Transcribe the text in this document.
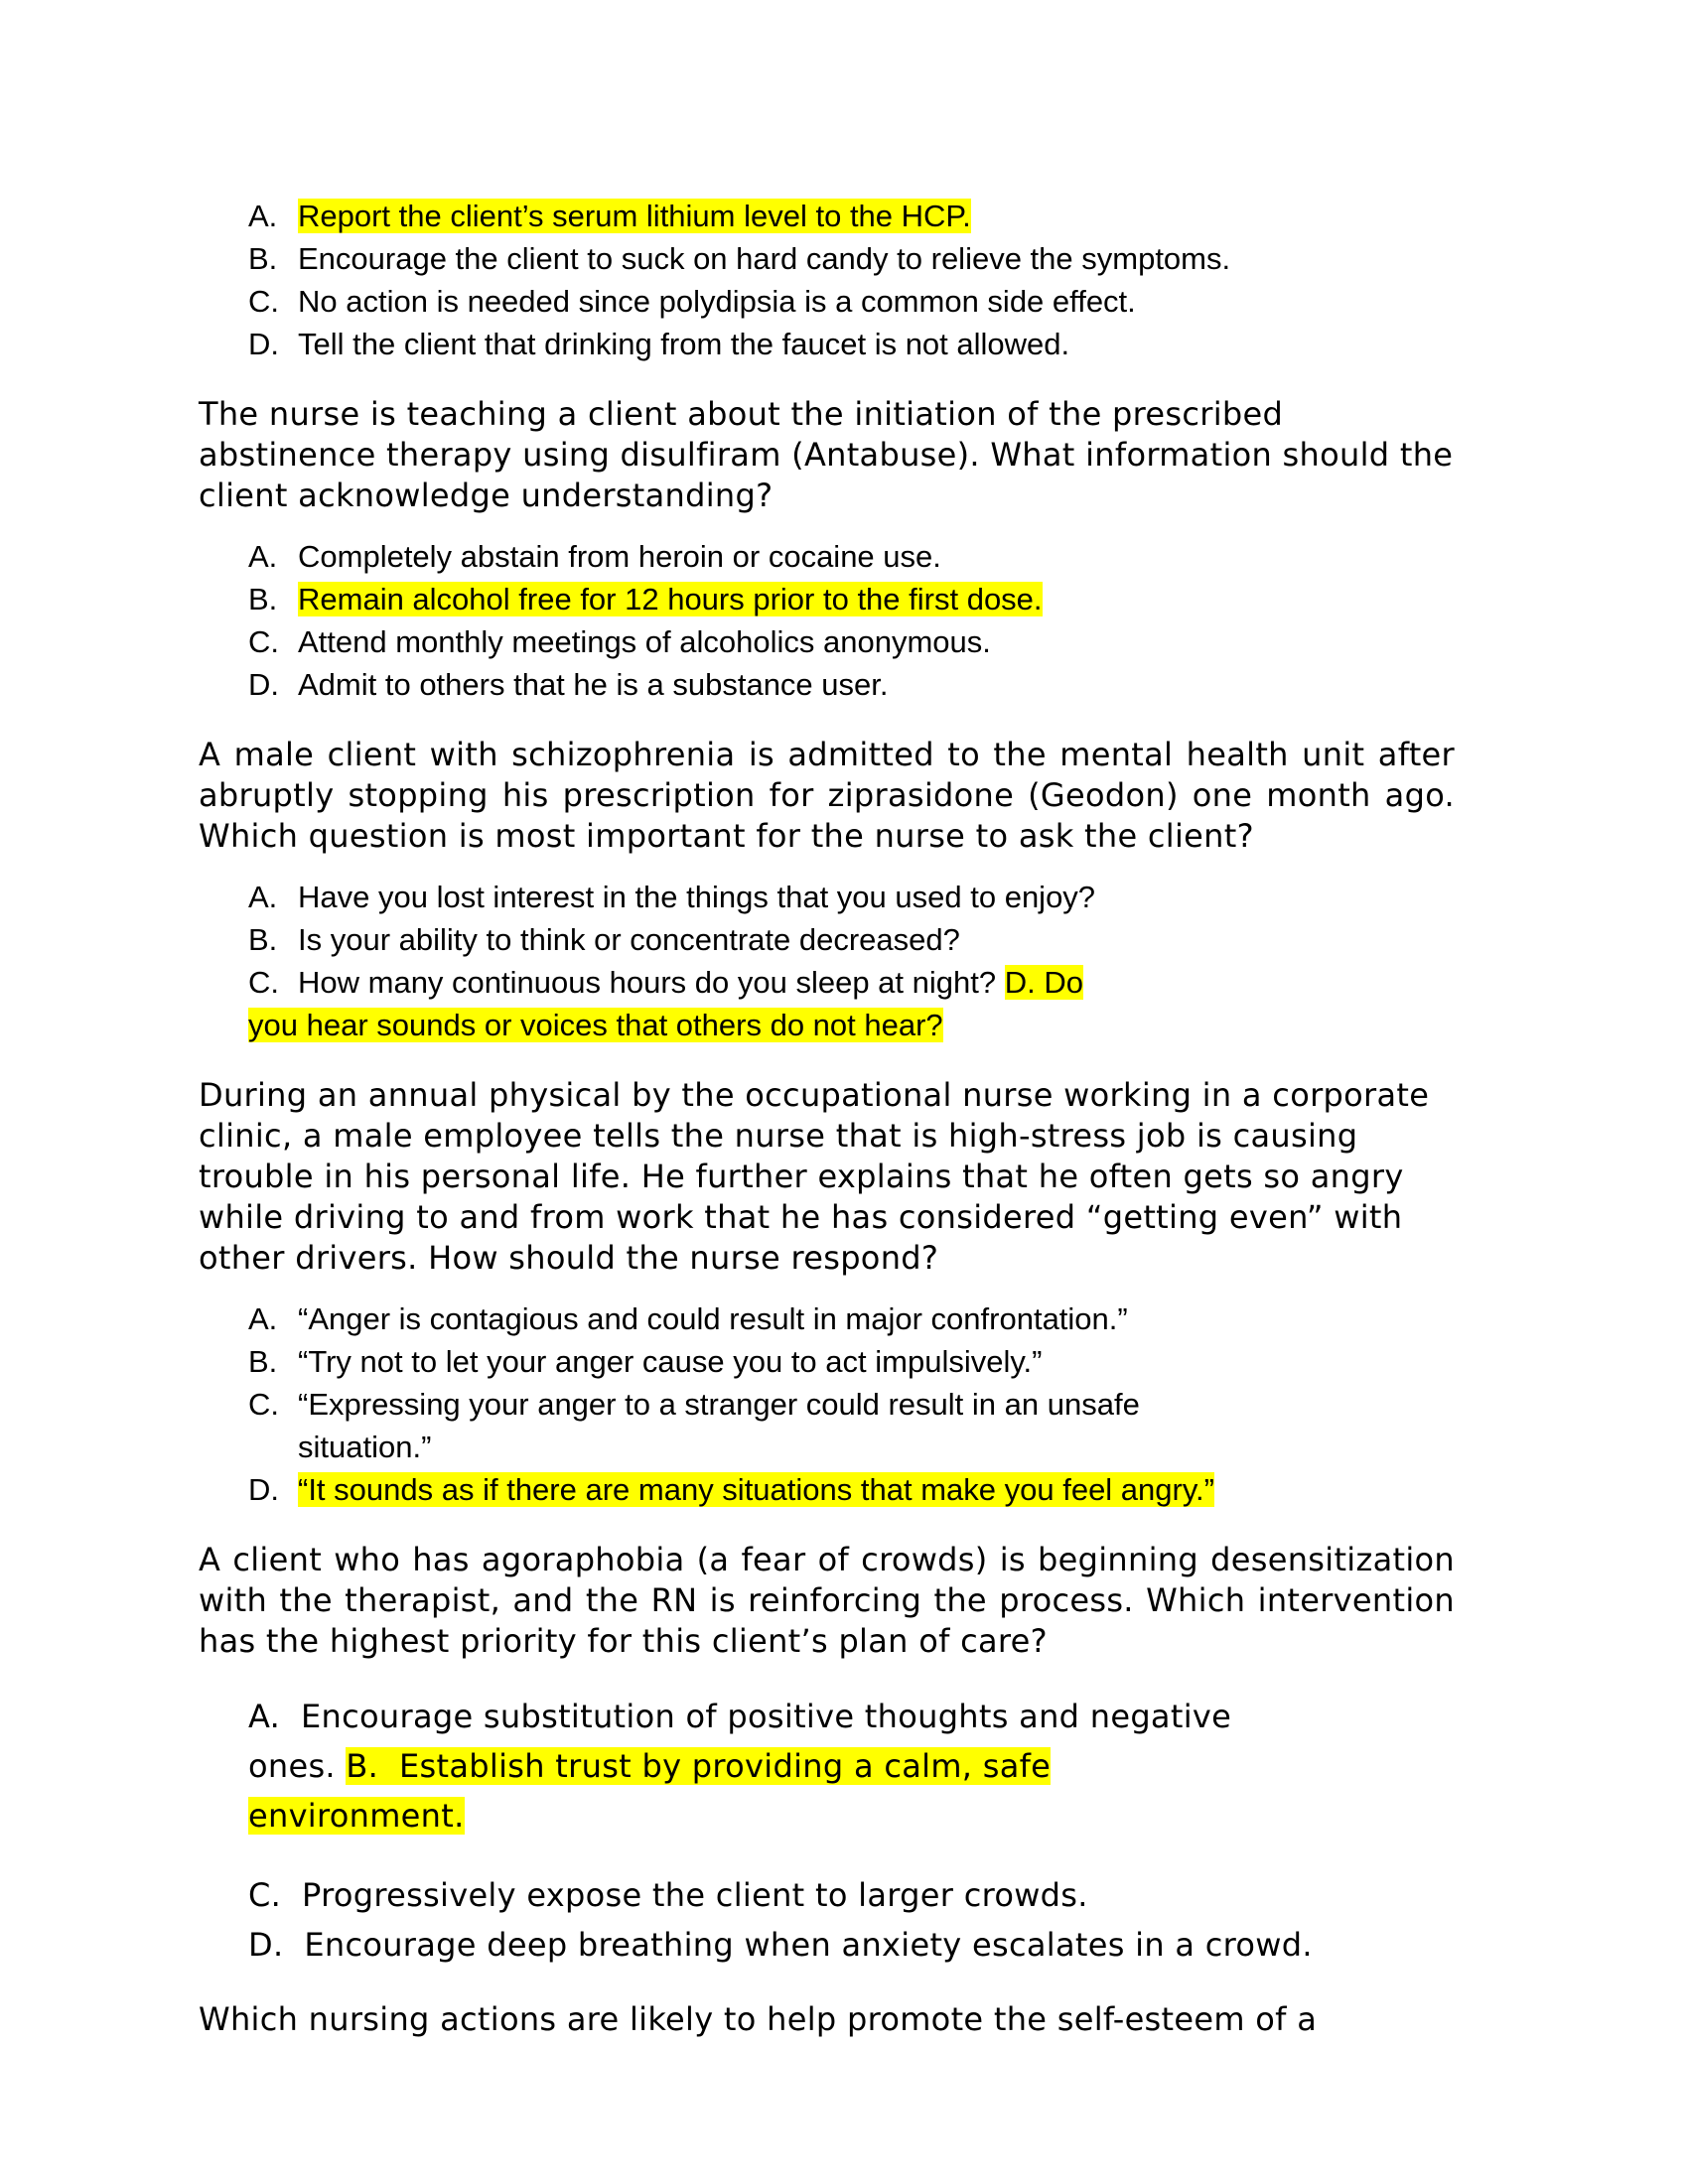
A. Report the client’s serum lithium level to the HCP.
B. Encourage the client to suck on hard candy to relieve the symptoms.
C. No action is needed since polydipsia is a common side effect.
D. Tell the client that drinking from the faucet is not allowed.
The nurse is teaching a client about the initiation of the prescribed abstinence therapy using disulfiram (Antabuse). What information should the client acknowledge understanding?
A. Completely abstain from heroin or cocaine use.
B. Remain alcohol free for 12 hours prior to the first dose.
C. Attend monthly meetings of alcoholics anonymous.
D. Admit to others that he is a substance user.
A male client with schizophrenia is admitted to the mental health unit after abruptly stopping his prescription for ziprasidone (Geodon) one month ago. Which question is most important for the nurse to ask the client?
A. Have you lost interest in the things that you used to enjoy?
B. Is your ability to think or concentrate decreased?
C. How many continuous hours do you sleep at night? D. Do
you hear sounds or voices that others do not hear?
During an annual physical by the occupational nurse working in a corporate clinic, a male employee tells the nurse that is high-stress job is causing trouble in his personal life. He further explains that he often gets so angry while driving to and from work that he has considered “getting even” with other drivers. How should the nurse respond?
A. “Anger is contagious and could result in major confrontation.”
B. “Try not to let your anger cause you to act impulsively.”
C. “Expressing your anger to a stranger could result in an unsafe
situation.”
D. “It sounds as if there are many situations that make you feel angry.”
A client who has agoraphobia (a fear of crowds) is beginning desensitization with the therapist, and the RN is reinforcing the process. Which intervention has the highest priority for this client’s plan of care?
A.  Encourage substitution of positive thoughts and negative
ones. B.  Establish trust by providing a calm, safe
environment.
C.  Progressively expose the client to larger crowds.
D.  Encourage deep breathing when anxiety escalates in a crowd.
Which nursing actions are likely to help promote the self-esteem of a
